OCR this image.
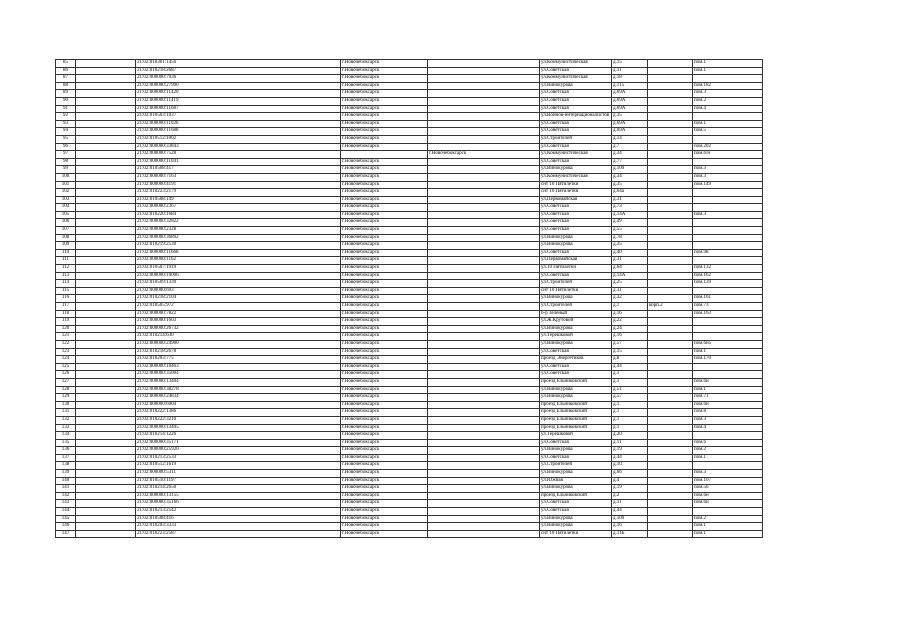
85		21:02:010301:1456	г.Новочебоксарск		ул.Коммунистическая	д.15		пом.1
86		21:02:010218:2687	г.Новочебоксарск		ул.Советская	д.11		пом.1
87		21:02:000000:7936	г.Новочебоксарск		ул.Коммунистическая	д.18		
88		21:02:000000:27990	г.Новочебоксарск		ул.Винокурова	д.115		пом.182
89		21:02:000000:11420	г.Новочебоксарск		ул.Советская	д.69А		пом.3
90		21:02:000000:11419	г.Новочебоксарск		ул.Советская	д.69А		пом.2
91		21:02:000000:11687	г.Новочебоксарск		ул.Советская	д.69А		пом.4
92		21:02:010503:1037	г.Новочебоксарск		ул.Воинов-интернационалистов	д.35		
93		21:02:000000:11026	г.Новочебоксарск		ул.Советская	д.69А		пом.1
94		21:02:000000:11688	г.Новочебоксарск		ул.Советская	д.69А		пом.5
95		21:02:010512:1002	г.Новочебоксарск		ул.Строителей	д.14		
96		21:02:000000:33843	г.Новочебоксарск		ул.Советская	д.7		пом.202
97		21:02:000000:7528		г.Новочебоксарск	ул.Коммунистическая	д.34		пом.6/н
98		21:02:000000:11041	г.Новочебоксарск		ул.Советская	д.77		
99		21:02:010508:417	г.Новочебоксарск		ул.Винокурова	д.109		пом.3
100		21:02:000000:7163	г.Новочебоксарск		ул.Коммунистическая	д.34		пом.3
101		21:02:000000:4191	г.Новочебоксарск		снт 10 Пятилетки	д.35		пом.149
102		21:02:010223:2179	г.Новочебоксарск		снт 10 Пятилетки	д.64а		
103		21:02:010508:149	г.Новочебоксарск		ул.Первомайская	д.31		
104		21:02:000000:2367	г.Новочебоксарск		ул.Советская	д.73		
105		21:02:010220:1684	г.Новочебоксарск		ул.Советская	д.14А		пом.3
106		21:02:000000:32822	г.Новочебоксарск		ул.Советская	д.49		
107		21:02:000000:2328	г.Новочебоксарск		ул.Советская	д.55		
108		21:02:000000:36892	г.Новочебоксарск		ул.Винокурова	д.78		
109		21:02:010219:2530	г.Новочебоксарск		ул.Винокурова	д.35		
110		21:02:000000:11668	г.Новочебоксарск		ул.Советская	д.40		пом.98
111		21:02:000000:1162	г.Новочебоксарск		ул.Первомайская	д.31		
112		21:02:010507:1919	г.Новочебоксарск		ул.10 Пятилетки	д.64		пом.132
113		21:02:000000:10006	г.Новочебоксарск		ул.Советская	д.14А		пом.162
114		21:02:010509:1339	г.Новочебоксарск		ул.Строителей	д.25		пом.139
115		21:02:000000:693	г.Новочебоксарск		снт 10 Пятилетки	д.31		
116		21:02:010218:2104	г.Новочебоксарск		ул.Винокурова	д.32		пом.161
117		21:02:010505:972	г.Новочебоксарск		ул.Строителей	д.1	корп.2	пом.73
118		21:02:000000:7822	г.Новочебоксарск		б-р Зеленый	д.16		пом.163
119		21:02:000000:1603	г.Новочебоксарск		ул.Ж.Крутовой	д.22		
120		21:02:000000:26732	г.Новочебоксарск		ул.Винокурова	д.24		
121		21:02:010214:630	г.Новочебоксарск		ул.Терешковой	д.16		
122		21:02:000000:24900	г.Новочебоксарск		ул.Винокурова	д.57		пом.6н5
123		21:02:010218:2678	г.Новочебоксарск		ул.Советская	д.15		пом.1
124		21:02:010203:775	г.Новочебоксарск		проезд Энергетиков	д.8		пом.170
125		21:02:000000:10463	г.Новочебоксарск		ул.Советская	д.44		
126		21:02:000000:35004	г.Новочебоксарск		ул.Советская	д.1		
127		21:02:000000:13404	г.Новочебоксарск		проезд Ельниковский	д.1		пом.6н
128		21:02:000000:38278	г.Новочебоксарск		ул.Винокурова	д.51		пом.1
129		21:02:000000:24834	г.Новочебоксарск		ул.Винокурова	д.57		пом.71
130		21:02:000000:6904	г.Новочебоксарск		проезд Ельниковский	д.1		пом.6н
131		21:02:010222:1386	г.Новочебоксарск		проезд Ельниковский	д.1		пом.8
132		21:02:010222:3210	г.Новочебоксарск		проезд Ельниковский	д.1		пом.3
133		21:02:000000:13405	г.Новочебоксарск		проезд Ельниковский	д.1		пом.4
134		21:02:010214:1226	г.Новочебоксарск		ул.Терешковой	д.20		
135		21:02:000000:35171	г.Новочебоксарск		ул.Советская	д.11		пом.6
136		21:02:000000:25920	г.Новочебоксарск		ул.Винокурова	д.19		пом.2
137		21:02:010213:2533	г.Новочебоксарск		ул.Советская	д.44		пом.1
138		21:02:010512:1619	г.Новочебоксарск		ул.Строителей	д.10		
139		21:02:000000:5311	г.Новочебоксарск		ул.Винокурова	д.66		пом.3
140		21:02:010510:1197	г.Новочебоксарск		ул.Южная	д.4		пом.107
141		21:02:010214:2650	г.Новочебоксарск		ул.Винокурова	д.19		пом.56
142		21:02:000000:13155	г.Новочебоксарск		проезд Ельниковский	д.2		пом.6н
143		21:02:000000:35166	г.Новочебоксарск		ул.Советская	д.11		пом.6н
144		21:02:010213:2542	г.Новочебоксарск		ул.Советская	д.44		
145		21:02:010508:416	г.Новочебоксарск		ул.Винокурова	д.109		пом.2
146		21:02:010203:3333	г.Новочебоксарск		ул.Винокурова	д.16		пом.1
147		21:02:010223:2587	г.Новочебоксарск		снт 10 Пятилетки	д.11Б		пом.1
